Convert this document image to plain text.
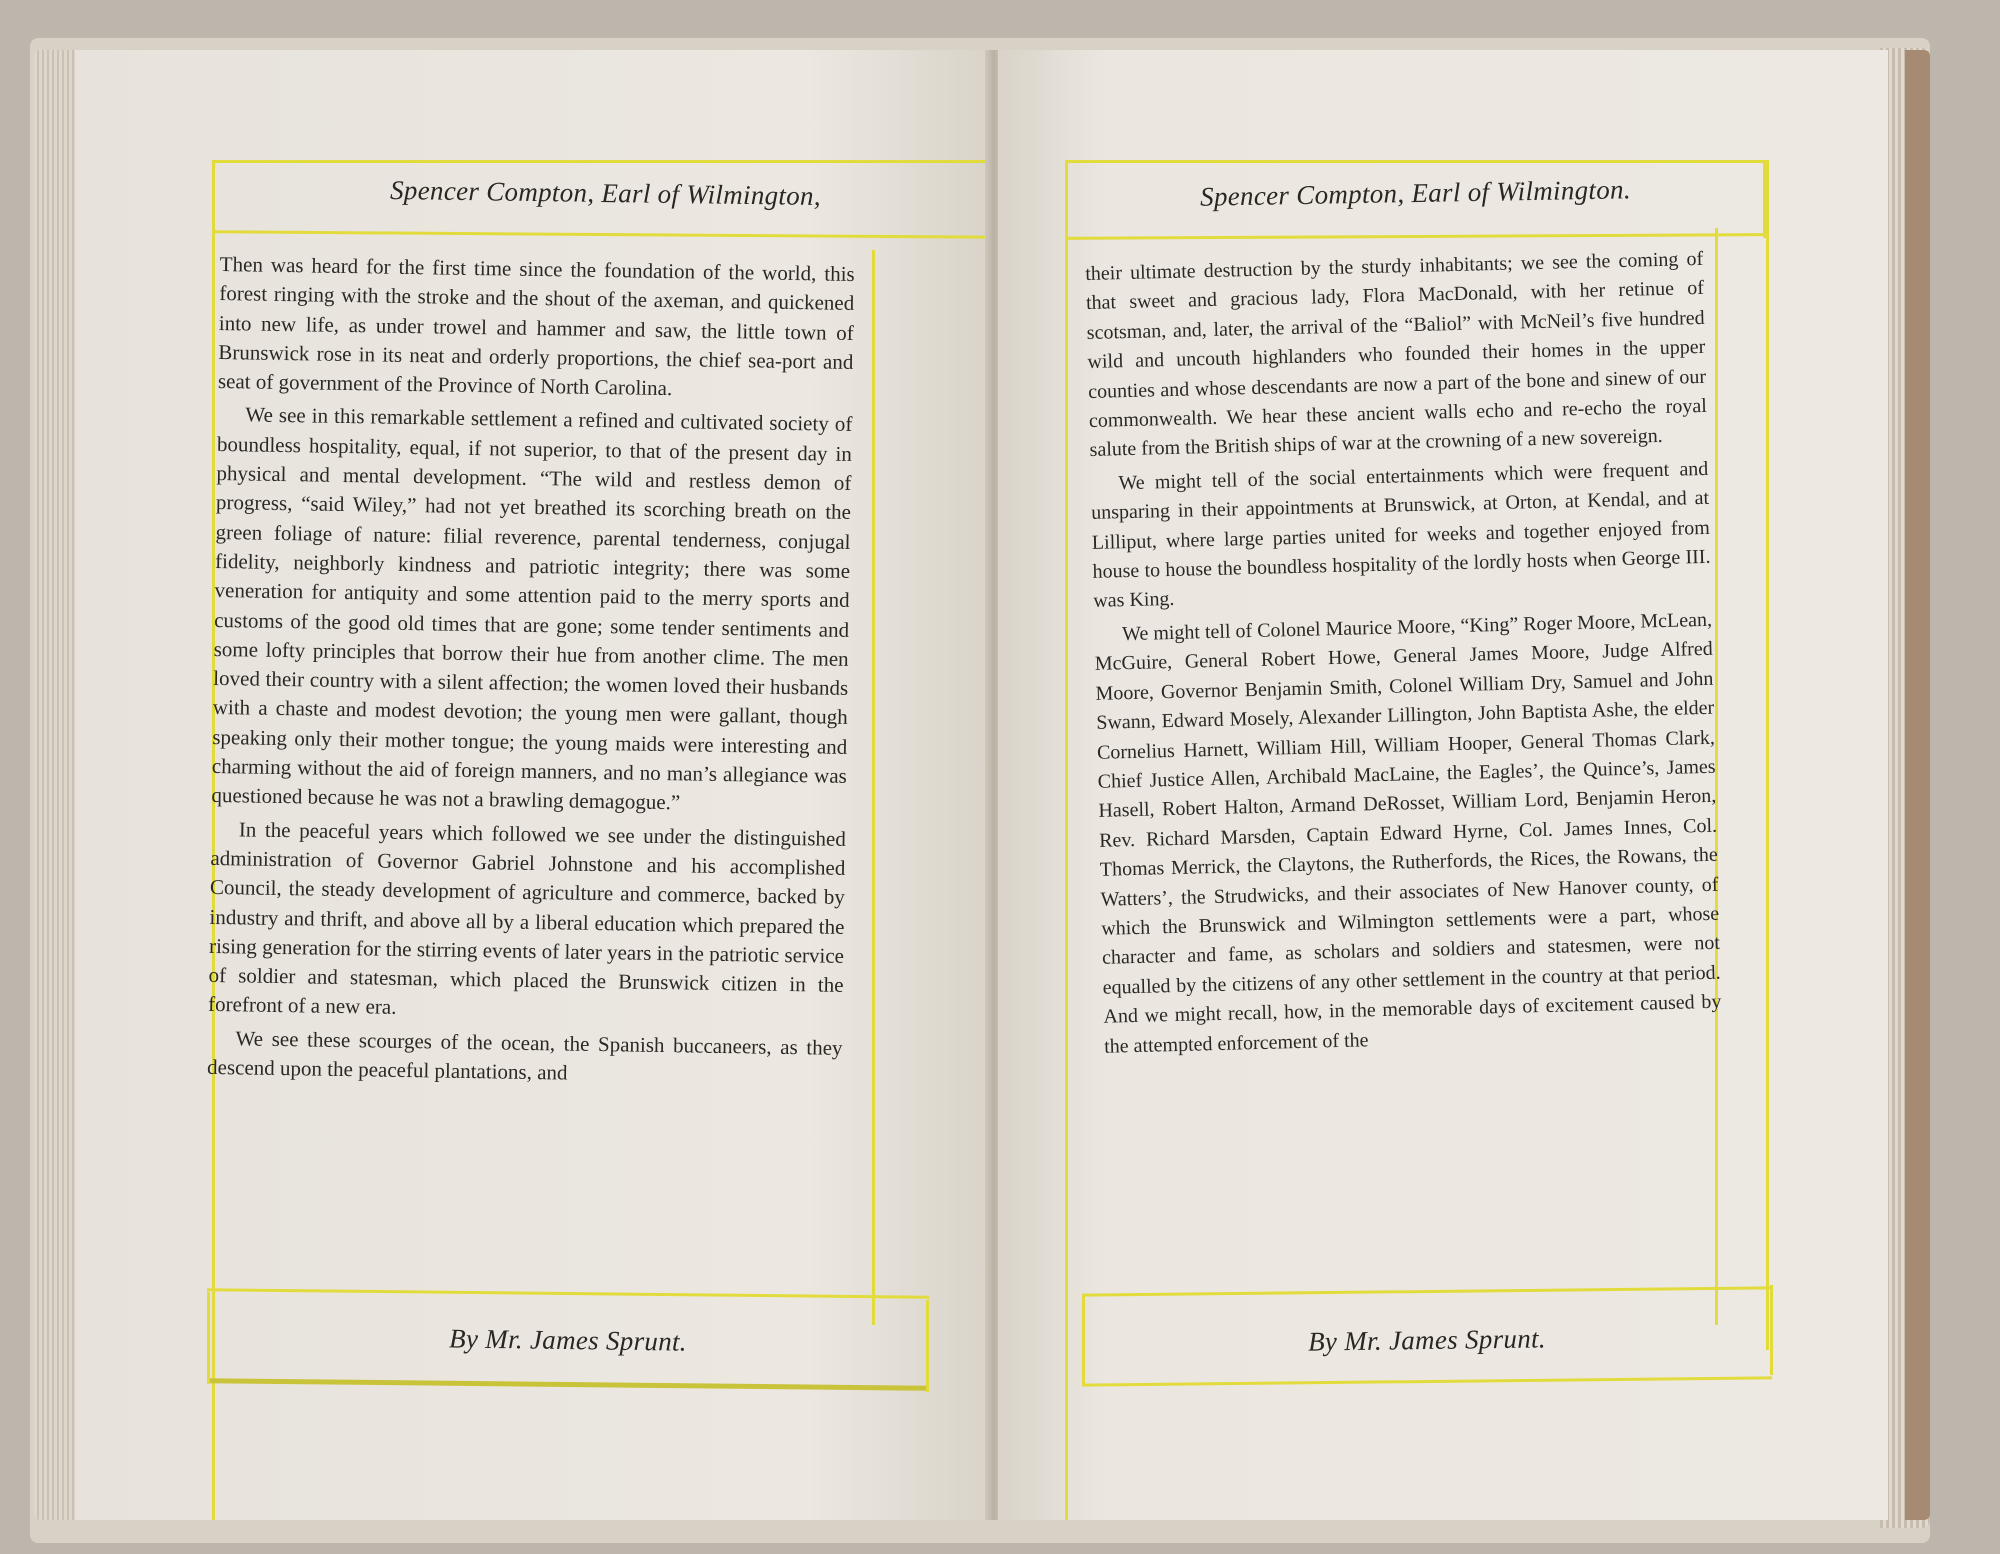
Spencer Compton, Earl of Wilmington,

Then was heard for the first time since the foundation of the world, this forest ringing with the stroke and the shout of the axeman, and quickened into new life, as under trowel and hammer and saw, the little town of Brunswick rose in its neat and orderly proportions, the chief sea-port and seat of government of the Province of North Carolina.

We see in this remarkable settlement a refined and cultivated society of boundless hospitality, equal, if not superior, to that of the present day in physical and mental development. “The wild and restless demon of progress, “said Wiley,” had not yet breathed its scorching breath on the green foliage of nature: filial reverence, parental tenderness, conjugal fidelity, neighborly kindness and patriotic integrity; there was some veneration for antiquity and some attention paid to the merry sports and customs of the good old times that are gone; some tender sentiments and some lofty principles that borrow their hue from another clime. The men loved their country with a silent affection; the women loved their husbands with a chaste and modest devotion; the young men were gallant, though speaking only their mother tongue; the young maids were interesting and charming without the aid of foreign manners, and no man’s allegiance was questioned because he was not a brawling demagogue.”

In the peaceful years which followed we see under the distinguished administration of Governor Gabriel Johnstone and his accomplished Council, the steady development of agriculture and commerce, backed by industry and thrift, and above all by a liberal education which prepared the rising generation for the stirring events of later years in the patriotic service of soldier and statesman, which placed the Brunswick citizen in the forefront of a new era.

We see these scourges of the ocean, the Spanish buccaneers, as they descend upon the peaceful plantations, and

By Mr. James Sprunt.
Spencer Compton, Earl of Wilmington.

their ultimate destruction by the sturdy inhabitants; we see the coming of that sweet and gracious lady, Flora MacDonald, with her retinue of scotsman, and, later, the arrival of the “Baliol” with McNeil’s five hundred wild and uncouth highlanders who founded their homes in the upper counties and whose descendants are now a part of the bone and sinew of our commonwealth. We hear these ancient walls echo and re-echo the royal salute from the British ships of war at the crowning of a new sovereign.

We might tell of the social entertainments which were frequent and unsparing in their appointments at Brunswick, at Orton, at Kendal, and at Lilliput, where large parties united for weeks and together enjoyed from house to house the boundless hospitality of the lordly hosts when George III. was King.

We might tell of Colonel Maurice Moore, “King” Roger Moore, McLean, McGuire, General Robert Howe, General James Moore, Judge Alfred Moore, Governor Benjamin Smith, Colonel William Dry, Samuel and John Swann, Edward Mosely, Alexander Lillington, John Baptista Ashe, the elder Cornelius Harnett, William Hill, William Hooper, General Thomas Clark, Chief Justice Allen, Archibald MacLaine, the Eagles’, the Quince’s, James Hasell, Robert Halton, Armand DeRosset, William Lord, Benjamin Heron, Rev. Richard Marsden, Captain Edward Hyrne, Col. James Innes, Col. Thomas Merrick, the Claytons, the Rutherfords, the Rices, the Rowans, the Watters’, the Strudwicks, and their associates of New Hanover county, of which the Brunswick and Wilmington settlements were a part, whose character and fame, as scholars and soldiers and statesmen, were not equalled by the citizens of any other settlement in the country at that period. And we might recall, how, in the memorable days of excitement caused by the attempted enforcement of the

By Mr. James Sprunt.
